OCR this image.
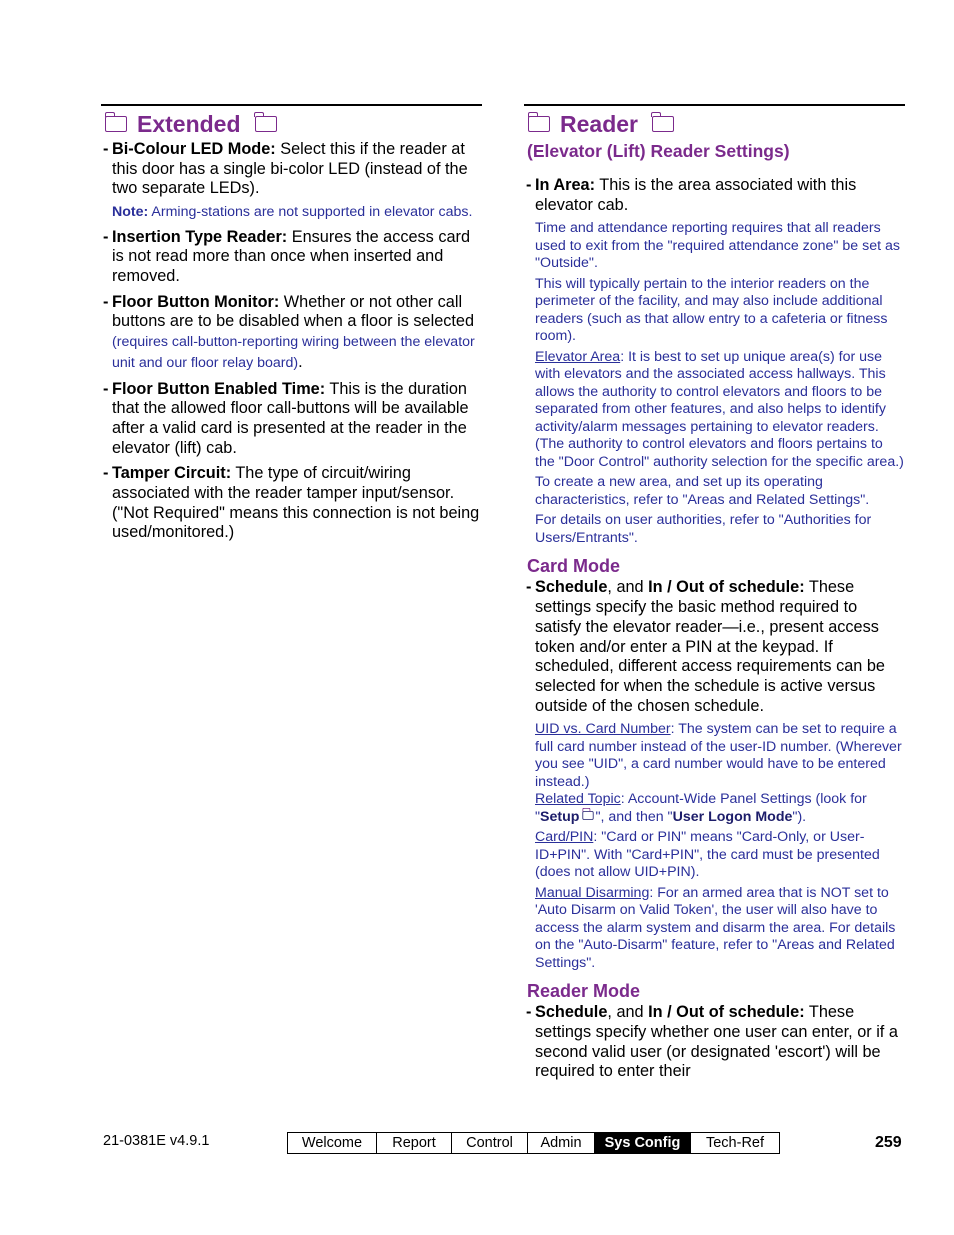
Extended
- Bi-Colour LED Mode: Select this if the reader at this door has a single bi-color LED (instead of the two separate LEDs).
Note: Arming-stations are not supported in elevator cabs.
- Insertion Type Reader: Ensures the access card is not read more than once when inserted and removed.
- Floor Button Monitor: Whether or not other call buttons are to be disabled when a floor is selected (requires call-button-reporting wiring between the elevator unit and our floor relay board).
- Floor Button Enabled Time: This is the duration that the allowed floor call-buttons will be available after a valid card is presented at the reader in the elevator (lift) cab.
- Tamper Circuit: The type of circuit/wiring associated with the reader tamper input/sensor. ("Not Required" means this connection is not being used/monitored.)
Reader
(Elevator (Lift) Reader Settings)
- In Area: This is the area associated with this elevator cab.
Time and attendance reporting requires that all readers used to exit from the "required attendance zone" be set as "Outside".
This will typically pertain to the interior readers on the perimeter of the facility, and may also include additional readers (such as that allow entry to a cafeteria or fitness room).
Elevator Area: It is best to set up unique area(s) for use with elevators and the associated access hallways. This allows the authority to control elevators and floors to be separated from other features, and also helps to identify activity/alarm messages pertaining to elevator readers. (The authority to control elevators and floors pertains to the "Door Control" authority selection for the specific area.)
To create a new area, and set up its operating characteristics, refer to "Areas and Related Settings".
For details on user authorities, refer to "Authorities for Users/Entrants".
Card Mode
- Schedule, and In / Out of schedule: These settings specify the basic method required to satisfy the elevator reader—i.e., present access token and/or enter a PIN at the keypad. If scheduled, different access requirements can be selected for when the schedule is active versus outside of the chosen schedule.
UID vs. Card Number: The system can be set to require a full card number instead of the user-ID number. (Wherever you see "UID", a card number would have to be entered instead.)
Related Topic: Account-Wide Panel Settings (look for "Setup ", and then "User Logon Mode").
Card/PIN: "Card or PIN" means "Card-Only, or User-ID+PIN". With "Card+PIN", the card must be presented (does not allow UID+PIN).
Manual Disarming: For an armed area that is NOT set to 'Auto Disarm on Valid Token', the user will also have to access the alarm system and disarm the area. For details on the "Auto-Disarm" feature, refer to "Areas and Related Settings".
Reader Mode
- Schedule, and In / Out of schedule: These settings specify whether one user can enter, or if a second valid user (or designated 'escort') will be required to enter their
21-0381E v4.9.1	Welcome	Report	Control	Admin	Sys Config	Tech-Ref	259
